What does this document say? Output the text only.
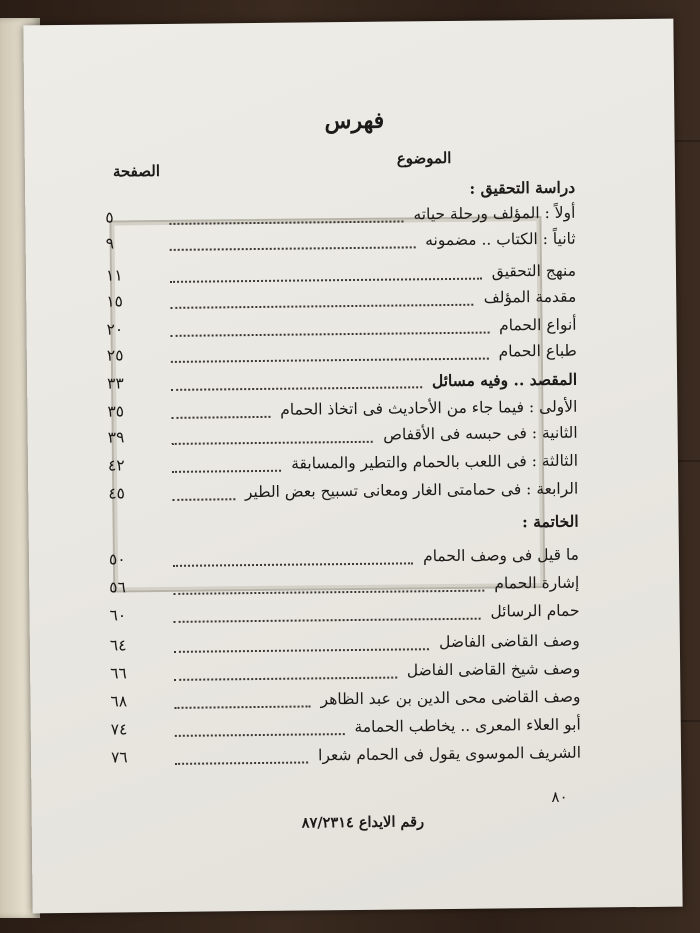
فهرس
الموضوع
الصفحة
دراسة التحقيق :
أولاً : المؤلف ورحلة حياته
٥
ثانياً : الكتاب .. مضمونه
٩
منهج التحقيق
١١
مقدمة المؤلف
١٥
أنواع الحمام
٢٠
طباع الحمام
٢٥
المقصد .. وفيه مسائل
٣٣
الأولى : فيما جاء من الأحاديث فى اتخاذ الحمام
٣٥
الثانية : فى حبسه فى الأقفاص
٣٩
الثالثة : فى اللعب بالحمام والتطير والمسابقة
٤٢
الرابعة : فى حمامتى الغار ومعانى تسبيح بعض الطير
٤٥
الخاتمة :
ما قيل فى وصف الحمام
٥٠
إشارة الحمام
٥٦
حمام الرسائل
٦٠
وصف القاضى الفاضل
٦٤
وصف شيخ القاضى الفاضل
٦٦
وصف القاضى محى الدين بن عبد الظاهر
٦٨
أبو العلاء المعرى .. يخاطب الحمامة
٧٤
الشريف الموسوى يقول فى الحمام شعرا
٧٦
٨٠
رقم الايداع ٨٧/٢٣١٤
